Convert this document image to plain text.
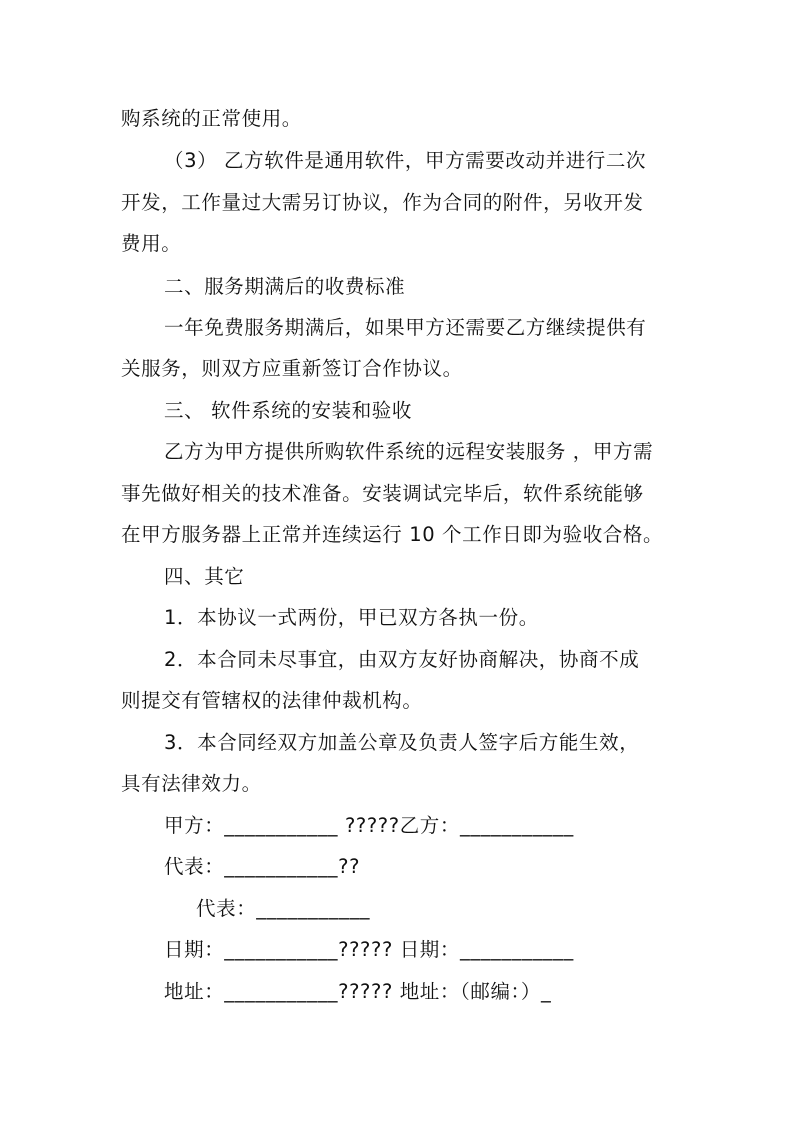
购系统的正常使用。
（3） 乙方软件是通用软件，甲方需要改动并进行二次
开发，工作量过大需另订协议，作为合同的附件，另收开发
费用。
二、服务期满后的收费标准
一年免费服务期满后，如果甲方还需要乙方继续提供有
关服务，则双方应重新签订合作协议。
三、 软件系统的安装和验收
乙方为甲方提供所购软件系统的远程安装服务 ，甲方需
事先做好相关的技术准备。安装调试完毕后，软件系统能够
在甲方服务器上正常并连续运行 10 个工作日即为验收合格。
四、其它
1．本协议一式两份，甲已双方各执一份。
2．本合同未尽事宜，由双方友好协商解决，协商不成
则提交有管辖权的法律仲裁机构。
3．本合同经双方加盖公章及负责人签字后方能生效，
具有法律效力。
甲方：___________ ?????乙方：___________
代表：___________??
代表：___________
日期：___________????? 日期：___________
地址：___________????? 地址：（邮编：）_
